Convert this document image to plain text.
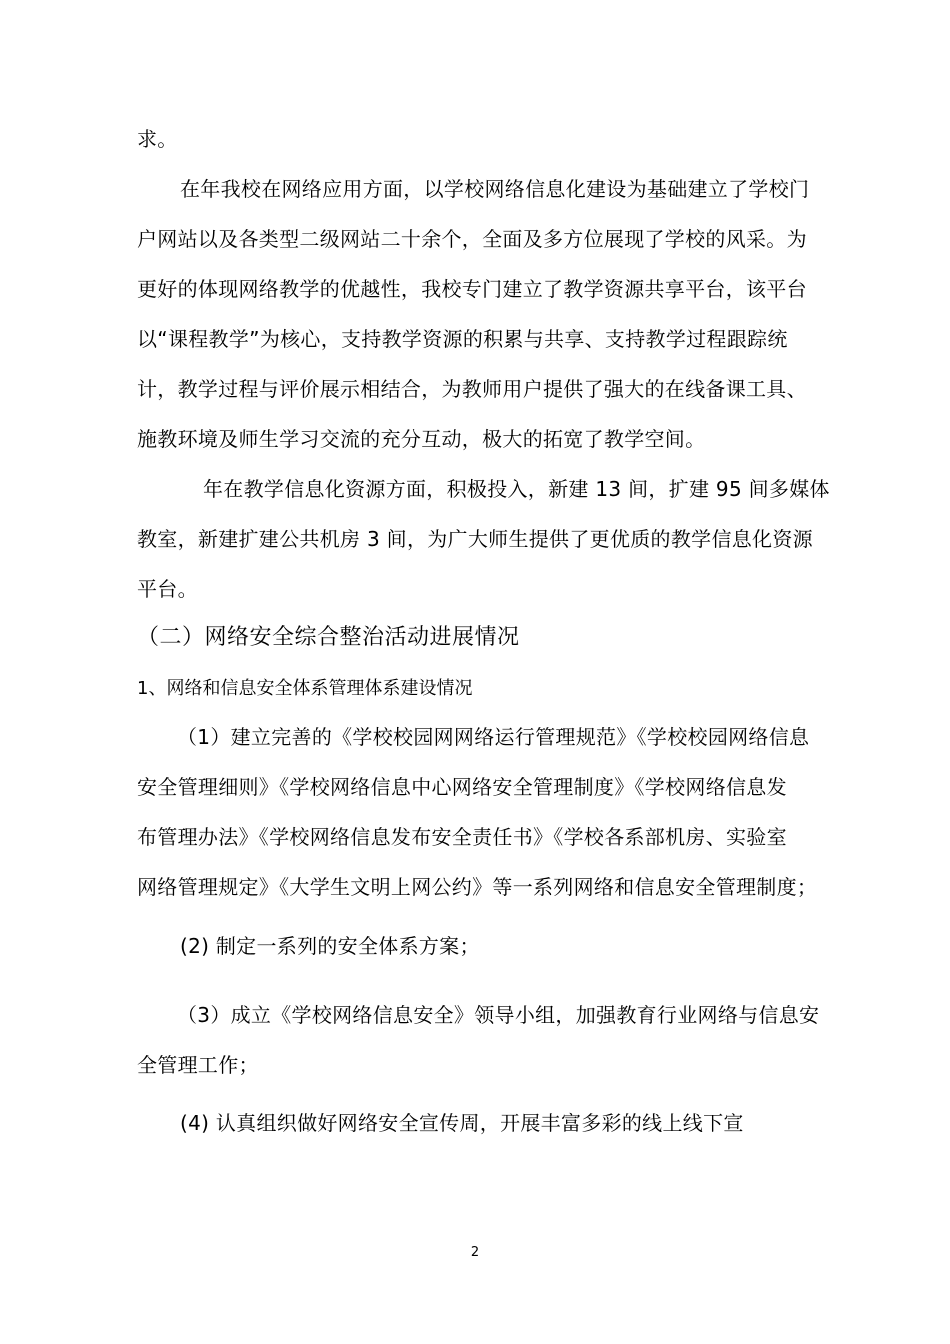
求。
在年我校在网络应用方面，以学校网络信息化建设为基础建立了学校门
户网站以及各类型二级网站二十余个，全面及多方位展现了学校的风采。为
更好的体现网络教学的优越性，我校专门建立了教学资源共享平台，该平台
以“课程教学”为核心，支持教学资源的积累与共享、支持教学过程跟踪统
计，教学过程与评价展示相结合，为教师用户提供了强大的在线备课工具、
施教环境及师生学习交流的充分互动，极大的拓宽了教学空间。
年在教学信息化资源方面，积极投入，新建 13 间，扩建 95 间多媒体
教室，新建扩建公共机房 3 间，为广大师生提供了更优质的教学信息化资源
平台。
（二）网络安全综合整治活动进展情况
1、网络和信息安全体系管理体系建设情况
（1）建立完善的《学校校园网网络运行管理规范》《学校校园网络信息
安全管理细则》《学校网络信息中心网络安全管理制度》《学校网络信息发
布管理办法》《学校网络信息发布安全责任书》《学校各系部机房、实验室
网络管理规定》《大学生文明上网公约》等一系列网络和信息安全管理制度；
(2) 制定一系列的安全体系方案；
（3）成立《学校网络信息安全》领导小组，加强教育行业网络与信息安
全管理工作；
(4) 认真组织做好网络安全宣传周，开展丰富多彩的线上线下宣
2
